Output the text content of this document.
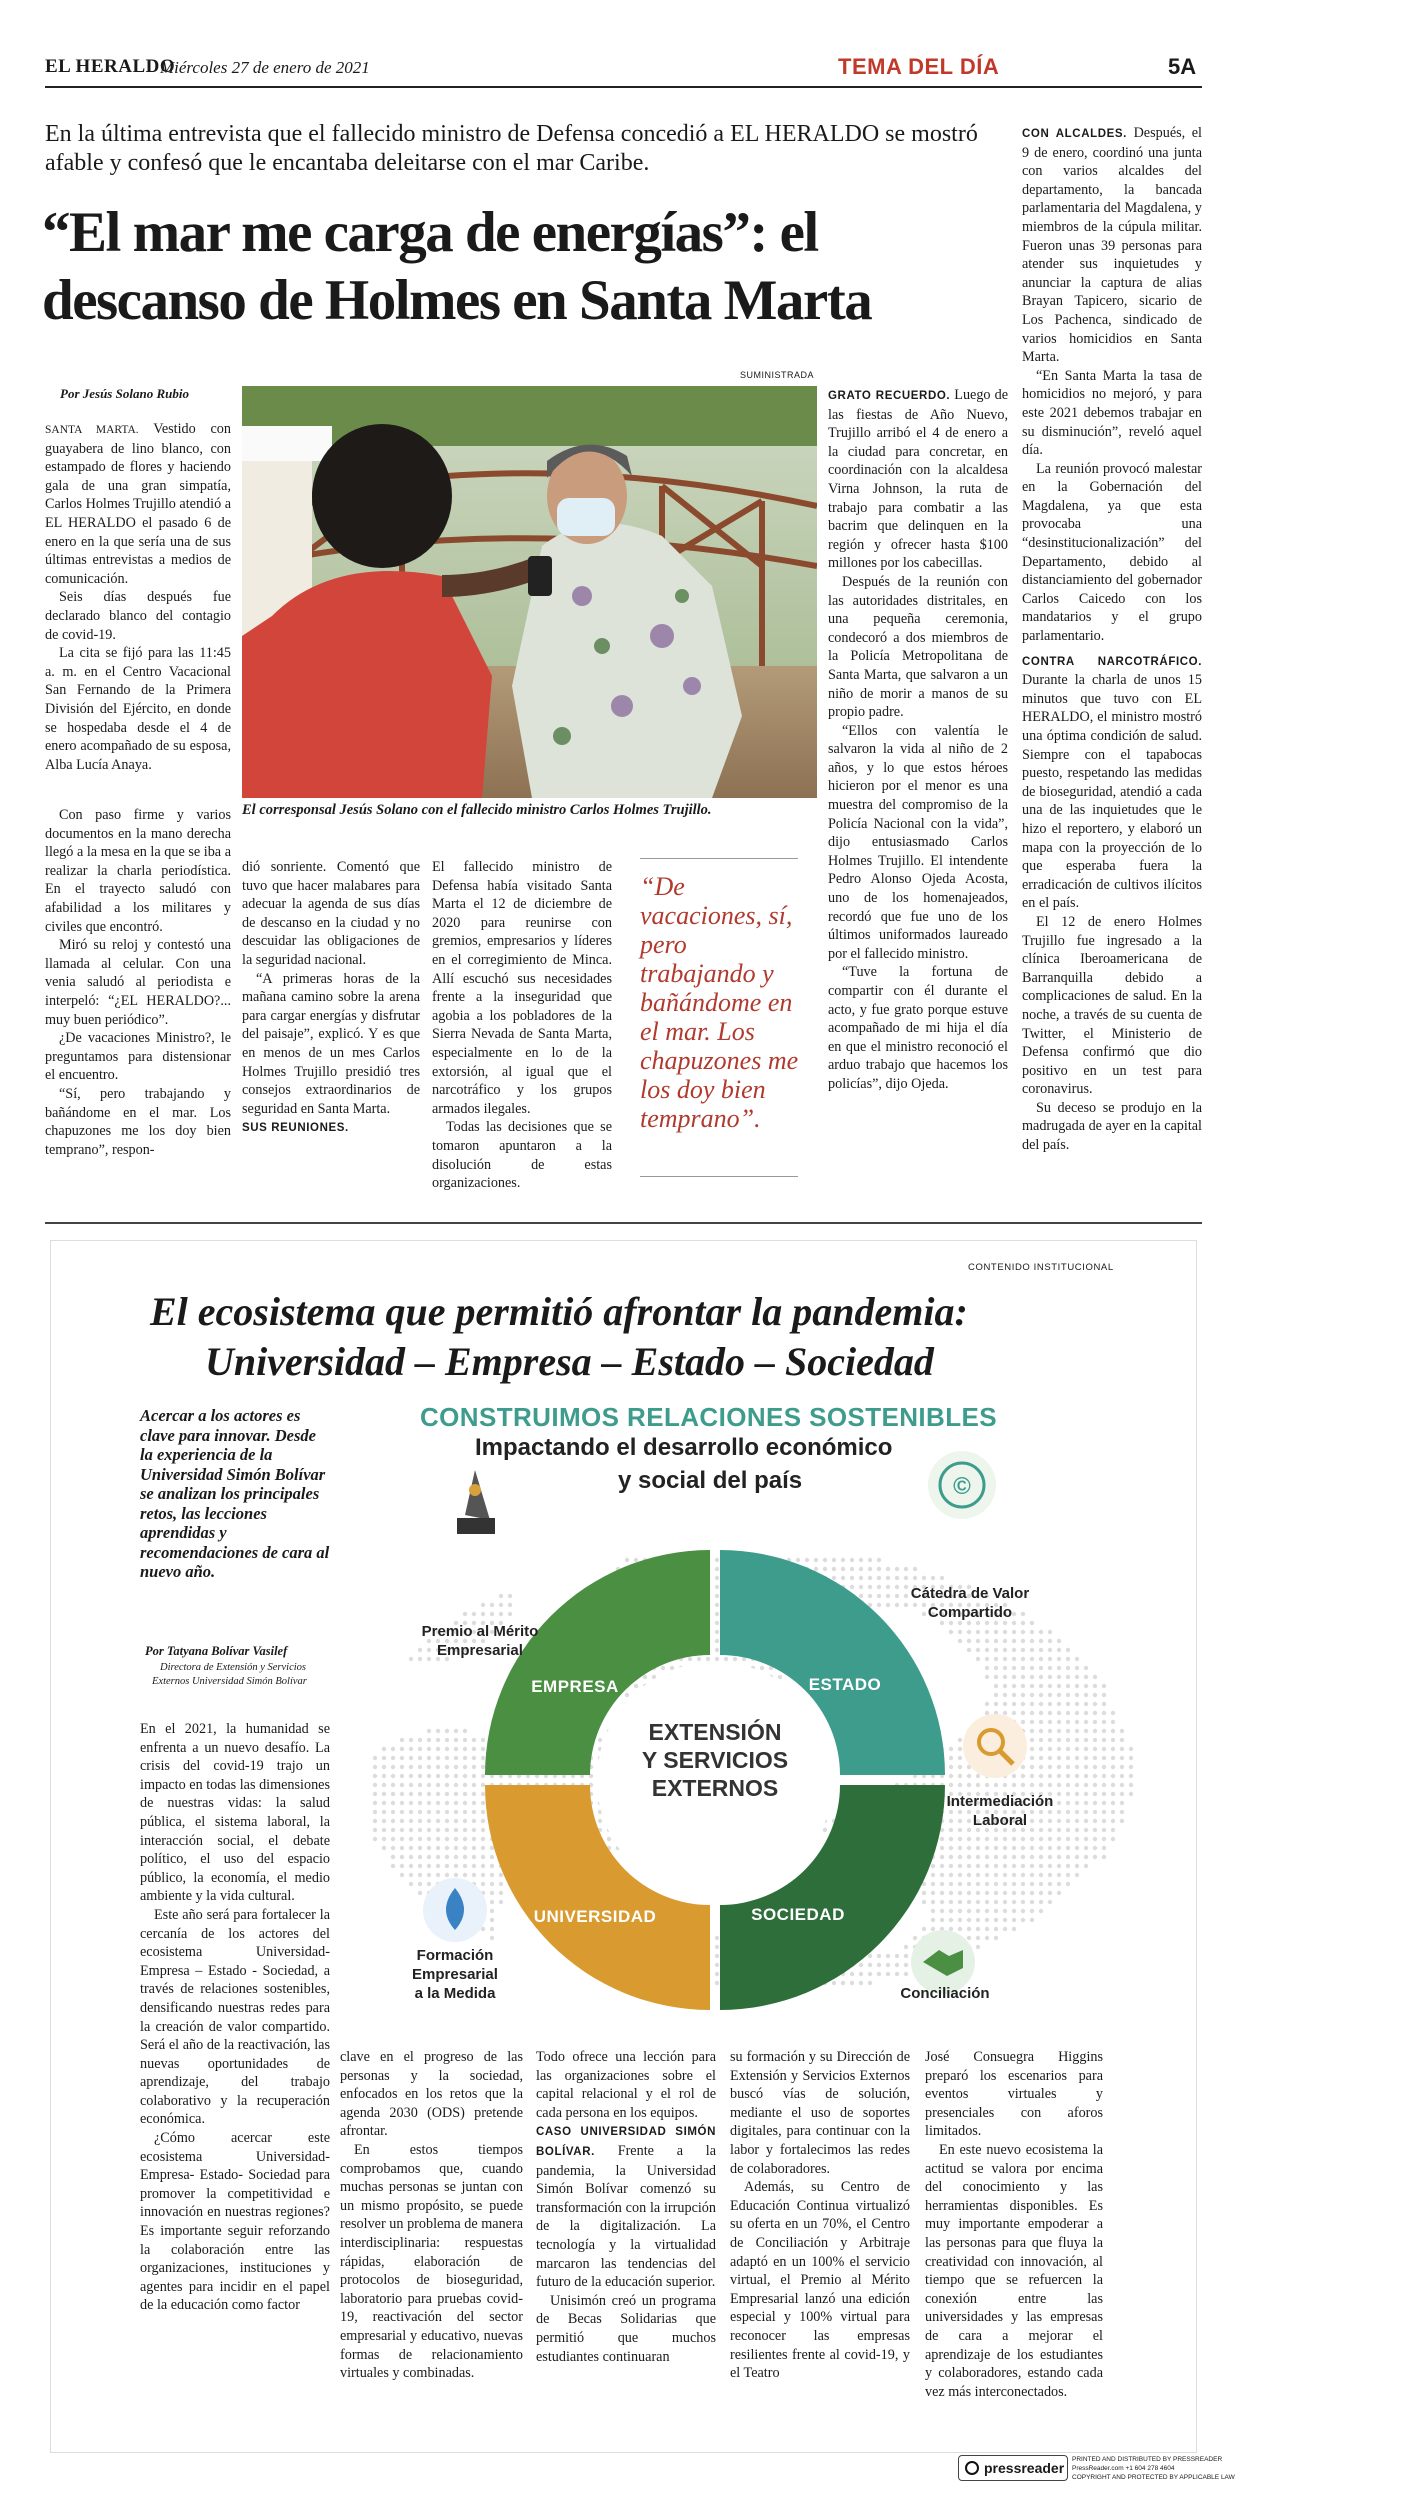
EL HERALDO
Miércoles 27 de enero de 2021	TEMA DEL DÍA	5A
En la última entrevista que el fallecido ministro de Defensa concedió a EL HERALDO se mostró afable y confesó que le encantaba deleitarse con el mar Caribe.
“El mar me carga de energías”: el
descanso de Holmes en Santa Marta
Por Jesús Solano Rubio
SUMINISTRADA
El corresponsal Jesús Solano con el fallecido ministro Carlos Holmes Trujillo.

SANTA MARTA. Vestido con guayabera de lino blanco, con estampado de flores y haciendo gala de una gran simpatía, Carlos Holmes Trujillo atendió a EL HERALDO el pasado 6 de enero en la que sería una de sus últimas entrevistas a medios de comunicación.

Seis días después fue declarado blanco del contagio de covid-19.

La cita se fijó para las 11:45 a. m. en el Centro Vacacional San Fernando de la Primera División del Ejército, en donde se hospedaba desde el 4 de enero acompañado de su esposa, Alba Lucía Anaya.

Con paso firme y varios documentos en la mano derecha llegó a la mesa en la que se iba a realizar la charla periodística. En el trayecto saludó con afabilidad a los militares y civiles que encontró.

Miró su reloj y contestó una llamada al celular. Con una venia saludó al periodista e interpeló: “¿EL HERALDO?... muy buen periódico”.

¿De vacaciones Ministro?, le preguntamos para distensionar el encuentro.

“Sí, pero trabajando y bañándome en el mar. Los chapuzones me los doy bien temprano”, respon-

dió sonriente. Comentó que tuvo que hacer malabares para adecuar la agenda de sus días de descanso en la ciudad y no descuidar las obligaciones de la seguridad nacional.

“A primeras horas de la mañana camino sobre la arena para cargar energías y disfrutar del paisaje”, explicó. Y es que en menos de un mes Carlos Holmes Trujillo presidió tres consejos extraordinarios de seguridad en Santa Marta.

SUS REUNIONES.

El fallecido ministro de Defensa había visitado Santa Marta el 12 de diciembre de 2020 para reunirse con gremios, empresarios y líderes en el corregimiento de Minca. Allí escuchó sus necesidades frente a la inseguridad que agobia a los pobladores de la Sierra Nevada de Santa Marta, especialmente en lo de la extorsión, al igual que el narcotráfico y los grupos armados ilegales.

Todas las decisiones que se tomaron apuntaron a la disolución de estas organizaciones.

“De vacaciones, sí, pero trabajando y bañándome en el mar. Los chapuzones me los doy bien temprano”.

GRATO RECUERDO. Luego de las fiestas de Año Nuevo, Trujillo arribó el 4 de enero a la ciudad para concretar, en coordinación con la alcaldesa Virna Johnson, la ruta de trabajo para combatir a las bacrim que delinquen en la región y ofrecer hasta $100 millones por los cabecillas.

Después de la reunión con las autoridades distritales, en una pequeña ceremonia, condecoró a dos miembros de la Policía Metropolitana de Santa Marta, que salvaron a un niño de morir a manos de su propio padre.

“Ellos con valentía le salvaron la vida al niño de 2 años, y lo que estos héroes hicieron por el menor es una muestra del compromiso de la Policía Nacional con la vida”, dijo entusiasmado Carlos Holmes Trujillo. El intendente Pedro Alonso Ojeda Acosta, uno de los homenajeados, recordó que fue uno de los últimos uniformados laureado por el fallecido ministro.

“Tuve la fortuna de compartir con él durante el acto, y fue grato porque estuve acompañado de mi hija el día en que el ministro reconoció el arduo trabajo que hacemos los policías”, dijo Ojeda.

CON ALCALDES. Después, el 9 de enero, coordinó una junta con varios alcaldes del departamento, la bancada parlamentaria del Magdalena, y miembros de la cúpula militar. Fueron unas 39 personas para atender sus inquietudes y anunciar la captura de alias Brayan Tapicero, sicario de Los Pachenca, sindicado de varios homicidios en Santa Marta.

“En Santa Marta la tasa de homicidios no mejoró, y para este 2021 debemos trabajar en su disminución”, reveló aquel día.

La reunión provocó malestar en la Gobernación del Magdalena, ya que esta provocaba una “desinstitucionalización” del Departamento, debido al distanciamiento del gobernador Carlos Caicedo con los mandatarios y el grupo parlamentario.

CONTRA NARCOTRÁFICO. Durante la charla de unos 15 minutos que tuvo con EL HERALDO, el ministro mostró una óptima condición de salud. Siempre con el tapabocas puesto, respetando las medidas de bioseguridad, atendió a cada una de las inquietudes que le hizo el reportero, y elaboró un mapa con la proyección de lo que esperaba fuera la erradicación de cultivos ilícitos en el país.

El 12 de enero Holmes Trujillo fue ingresado a la clínica Iberoamericana de Barranquilla debido a complicaciones de salud. En la noche, a través de su cuenta de Twitter, el Ministerio de Defensa confirmó que dio positivo en un test para coronavirus.

Su deceso se produjo en la madrugada de ayer en la capital del país.

CONTENIDO INSTITUCIONAL
El ecosistema que permitió afrontar la pandemia:
Universidad – Empresa – Estado – Sociedad
Acercar a los actores es clave para innovar. Desde la experiencia de la Universidad Simón Bolívar se analizan los principales retos, las lecciones aprendidas y recomendaciones de cara al nuevo año.
Por Tatyana Bolívar Vasilef
Directora de Extensión y Servicios
Externos Universidad Simón Bolívar
EXTENSIÓN
Y SERVICIOS
EXTERNOS
EMPRESA	ESTADO
UNIVERSIDAD	SOCIEDAD
©
CONSTRUIMOS RELACIONES SOSTENIBLES
Impactando el desarrollo económico
y social del país
Premio al Mérito
Empresarial
Cátedra de Valor
Compartido
Intermediación
Laboral
Formación
Empresarial
a la Medida	Conciliación

En el 2021, la humanidad se enfrenta a un nuevo desafío. La crisis del covid-19 trajo un impacto en todas las dimensiones de nuestras vidas: la salud pública, el sistema laboral, la interacción social, el debate político, el uso del espacio público, la economía, el medio ambiente y la vida cultural.

Este año será para fortalecer la cercanía de los actores del ecosistema Universidad- Empresa – Estado - Sociedad, a través de relaciones sostenibles, densificando nuestras redes para la creación de valor compartido. Será el año de la reactivación, las nuevas oportunidades de aprendizaje, del trabajo colaborativo y la recuperación económica.

¿Cómo acercar este ecosistema Universidad- Empresa- Estado- Sociedad para promover la competitividad e innovación en nuestras regiones? Es importante seguir reforzando la colaboración entre las organizaciones, instituciones y agentes para incidir en el papel de la educación como factor

clave en el progreso de las personas y la sociedad, enfocados en los retos que la agenda 2030 (ODS) pretende afrontar.

En estos tiempos comprobamos que, cuando muchas personas se juntan con un mismo propósito, se puede resolver un problema de manera interdisciplinaria: respuestas rápidas, elaboración de protocolos de bioseguridad, laboratorio para pruebas covid-19, reactivación del sector empresarial y educativo, nuevas formas de relacionamiento virtuales y combinadas.

Todo ofrece una lección para las organizaciones sobre el capital relacional y el rol de cada persona en los equipos.

CASO UNIVERSIDAD SIMÓN BOLÍVAR. Frente a la pandemia, la Universidad Simón Bolívar comenzó su transformación con la irrupción de la digitalización. La tecnología y la virtualidad marcaron las tendencias del futuro de la educación superior.

Unisimón creó un programa de Becas Solidarias que permitió que muchos estudiantes continuaran

su formación y su Dirección de Extensión y Servicios Externos buscó vías de solución, mediante el uso de soportes digitales, para continuar con la labor y fortalecimos las redes de colaboradores.

Además, su Centro de Educación Continua virtualizó su oferta en un 70%, el Centro de Conciliación y Arbitraje adaptó en un 100% el servicio virtual, el Premio al Mérito Empresarial lanzó una edición especial y 100% virtual para reconocer las empresas resilientes frente al covid-19, y el Teatro

José Consuegra Higgins preparó los escenarios para eventos virtuales y presenciales con aforos limitados.

En este nuevo ecosistema la actitud se valora por encima del conocimiento y las herramientas disponibles. Es muy importante empoderar a las personas para que fluya la creatividad con innovación, al tiempo que se refuercen la conexión entre las universidades y las empresas de cara a mejorar el aprendizaje de los estudiantes y colaboradores, estando cada vez más interconectados.

pressreader
PRINTED AND DISTRIBUTED BY PRESSREADER
PressReader.com +1 604 278 4604
COPYRIGHT AND PROTECTED BY APPLICABLE LAW
